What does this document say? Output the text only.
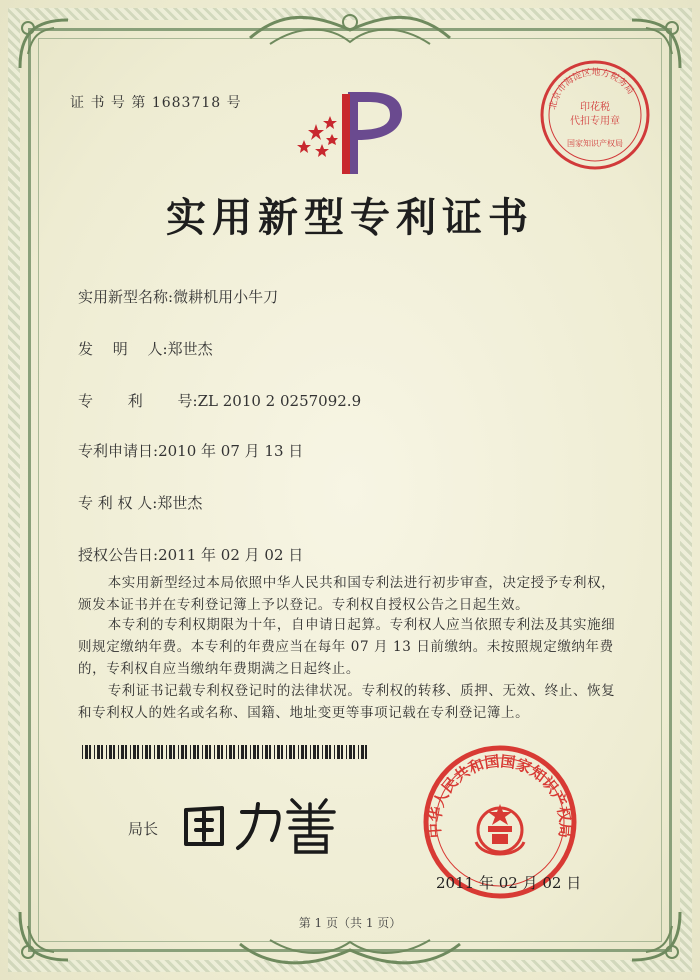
证 书 号 第 1683718 号	北京市海淀区地方税务局
印花税
代扣专用章
国家知识产权局
实用新型专利证书
实用新型名称:微耕机用小牛刀
发　 明　 人:郑世杰
专　　 利　　 号:ZL 2010 2 0257092.9
专利申请日:2010 年 07 月 13 日
专 利 权 人:郑世杰
授权公告日:2011 年 02 月 02 日

本实用新型经过本局依照中华人民共和国专利法进行初步审查，决定授予专利权，颁发本证书并在专利登记簿上予以登记。专利权自授权公告之日起生效。

本专利的专利权期限为十年，自申请日起算。专利权人应当依照专利法及其实施细则规定缴纳年费。本专利的年费应当在每年 07 月 13 日前缴纳。未按照规定缴纳年费的，专利权自应当缴纳年费期满之日起终止。

专利证书记载专利权登记时的法律状况。专利权的转移、质押、无效、终止、恢复和专利权人的姓名或名称、国籍、地址变更等事项记载在专利登记簿上。

局长	中华人民共和国国家知识产权局
2011 年 02 月 02 日
第 1 页（共 1 页）
